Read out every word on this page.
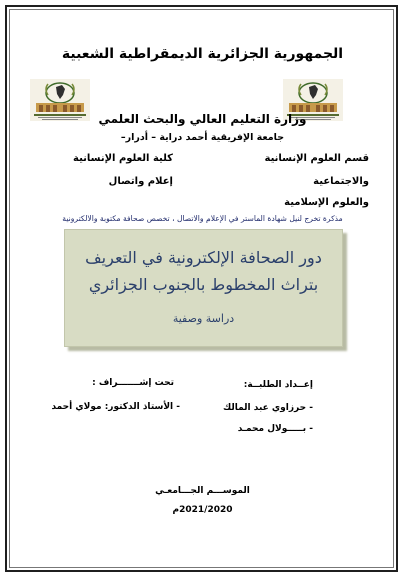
الجمهورية الجزائرية الديمقراطية الشعبية
وزارة التعليم العالي والبحث العلمي
جامعة الإفريقية أحمد دراية – أدرار–
قسم العلوم الإنسانية
والاجتماعية
والعلوم الإسلامية
كلية العلوم الإنسانية
إعلام واتصال
مذكرة تخرج لنيل شهادة الماستر في الإعلام والاتصال ، تخصص صحافة مكتوبة والالكترونية
دور الصحافة الإلكترونية في التعريف
بتراث المخطوط بالجنوب الجزائري
دراسة وصفية
تحت إشـــــــراف :
- الأستاذ الدكتور: مولاي أحمد
إعــداد الطلبــة:
- حرزاوي عبد المالك
- بـــــولال محمـد
الموســـم الجـــامعـي
2021/2020م
